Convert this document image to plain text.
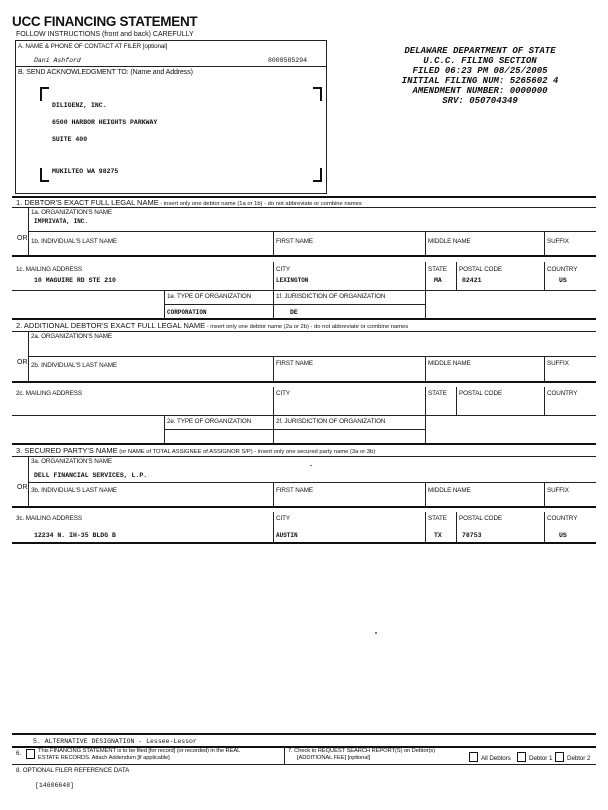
UCC FINANCING STATEMENT
FOLLOW INSTRUCTIONS (front and back) CAREFULLY
A. NAME & PHONE OF CONTACT AT FILER [optional]
Dani Ashford	8008585294
B. SEND ACKNOWLEDGMENT TO: (Name and Address)
DILIGENZ, INC.
6500 HARBOR HEIGHTS PARKWAY
SUITE 400
MUKILTEO WA 98275
DELAWARE DEPARTMENT OF STATE
U.C.C. FILING SECTION
FILED 06:23 PM 08/25/2005
INITIAL FILING NUM: 5265602 4
AMENDMENT NUMBER: 0000000
SRV: 050704349
1. DEBTOR'S EXACT FULL LEGAL NAME - insert only one debtor name (1a or 1b) - do not abbreviate or combine names
1a. ORGANIZATION'S NAME
IMPRIVATA, INC.
OR 1b. INDIVIDUAL'S LAST NAME	FIRST NAME	MIDDLE NAME	SUFFIX
1c. MAILING ADDRESS	CITY	STATE POSTAL CODE	COUNTRY
10 MAGUIRE RD STE 210	LEXINGTON	MA	02421	US
1e. TYPE OF ORGANIZATION	1f. JURISDICTION OF ORGANIZATION
CORPORATION	DE
2. ADDITIONAL DEBTOR'S EXACT FULL LEGAL NAME - insert only one debtor name (2a or 2b) - do not abbreviate or combine names
2a. ORGANIZATION'S NAME
OR 2b. INDIVIDUAL'S LAST NAME	FIRST NAME	MIDDLE NAME	SUFFIX
2c. MAILING ADDRESS	CITY	STATE POSTAL CODE	COUNTRY
2e. TYPE OF ORGANIZATION	2f. JURISDICTION OF ORGANIZATION
3. SECURED PARTY'S NAME (or NAME of TOTAL ASSIGNEE of ASSIGNOR S/P) - insert only one secured party name (3a or 3b)
3a. ORGANIZATION'S NAME
DELL FINANCIAL SERVICES, L.P.
OR 3b. INDIVIDUAL'S LAST NAME	FIRST NAME	MIDDLE NAME	SUFFIX
3c. MAILING ADDRESS	CITY	STATE POSTAL CODE	COUNTRY
12234 N. IH-35 BLDG B	AUSTIN	TX	78753	US
5. ALTERNATIVE DESIGNATION - Lessee-Lessor
6.	This FINANCING STATEMENT is to be filed [for record] (or recorded) in the REAL
ESTATE RECORDS. Attach Addendum [if applicable]
7. Check to REQUEST SEARCH REPORT(S) on Debtor(s)
[ADDITIONAL FEE] [optional]	All Debtors	Debtor 1 Debtor 2
8. OPTIONAL FILER REFERENCE DATA
[14606648]
